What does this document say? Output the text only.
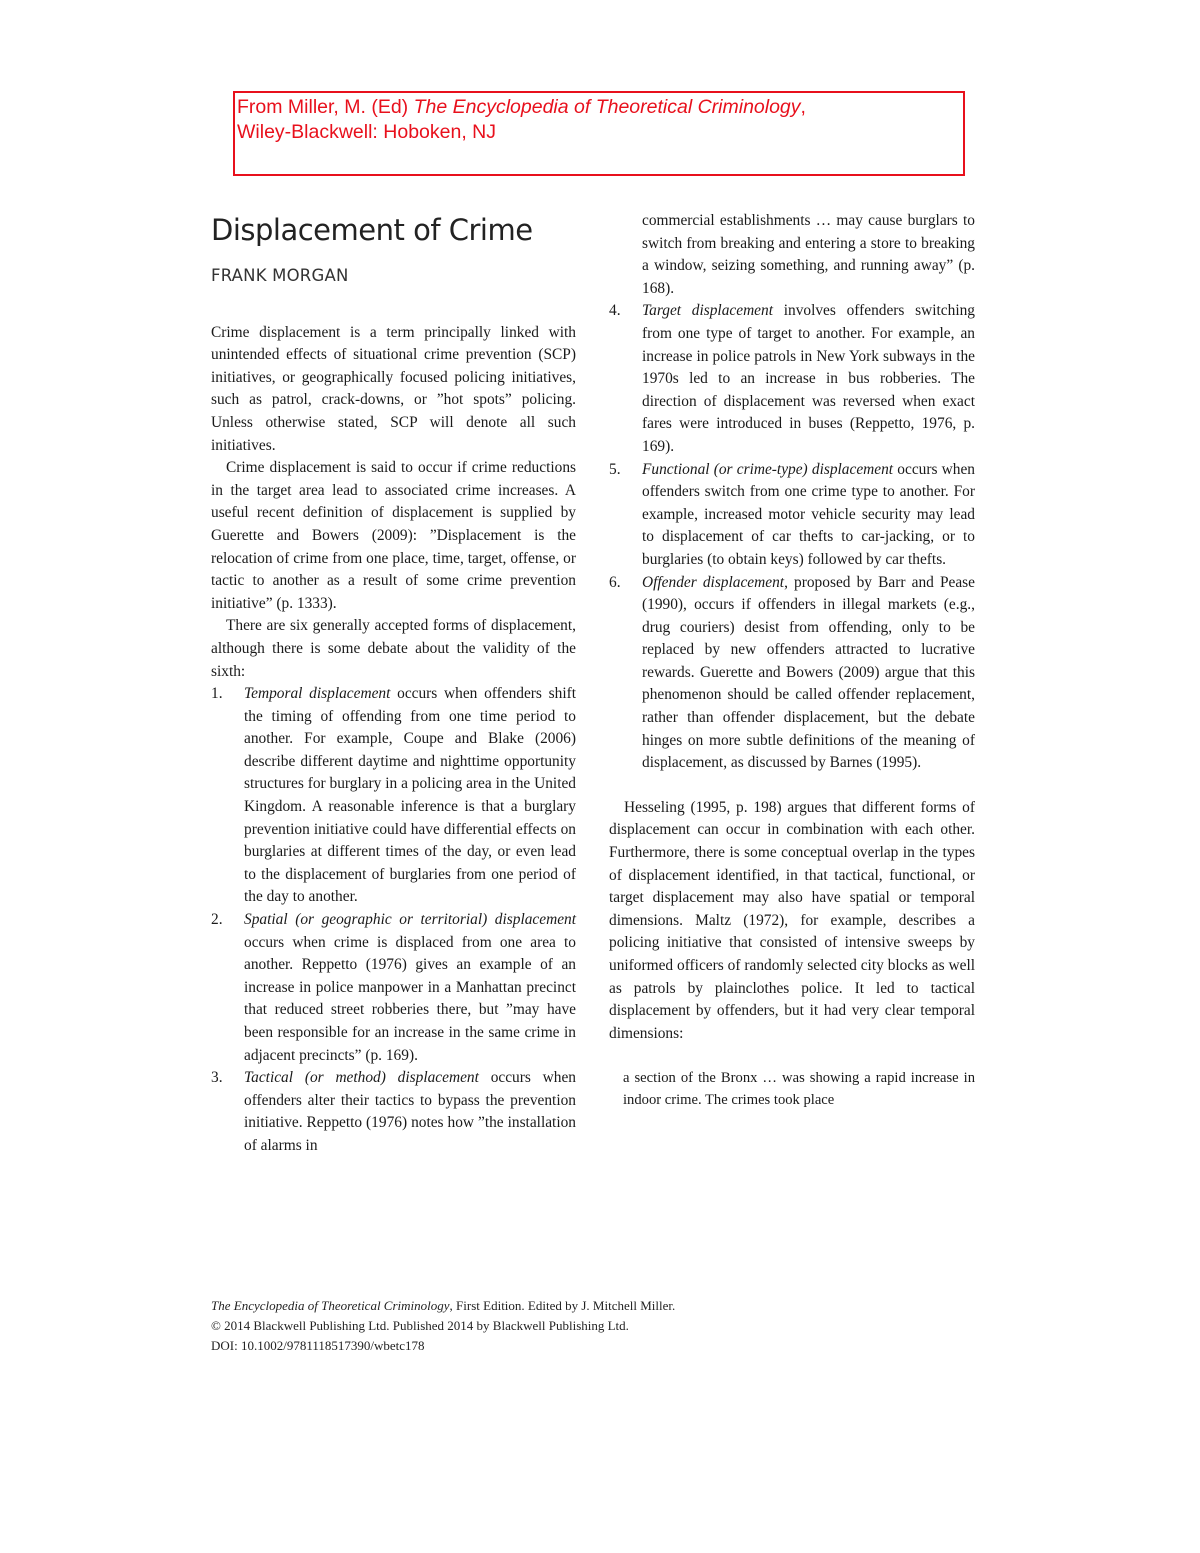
From Miller, M. (Ed) The Encyclopedia of Theoretical Criminology,
Wiley-Blackwell: Hoboken, NJ
Displacement of Crime
FRANK MORGAN

Crime displacement is a term principally linked with unintended effects of situational crime prevention (SCP) initiatives, or geographically focused policing initiatives, such as patrol, crack-downs, or ”hot spots” policing. Unless otherwise stated, SCP will denote all such initiatives.

Crime displacement is said to occur if crime reductions in the target area lead to associated crime increases. A useful recent definition of displacement is supplied by Guerette and Bowers (2009): ”Displacement is the relocation of crime from one place, time, target, offense, or tactic to another as a result of some crime prevention initiative” (p. 1333).

There are six generally accepted forms of displacement, although there is some debate about the validity of the sixth:

1. Temporal displacement occurs when offenders shift the timing of offending from one time period to another. For example, Coupe and Blake (2006) describe different daytime and nighttime opportunity structures for burglary in a policing area in the United Kingdom. A reasonable inference is that a burglary prevention initiative could have differential effects on burglaries at different times of the day, or even lead to the displacement of burglaries from one period of the day to another.
2. Spatial (or geographic or territorial) displacement occurs when crime is displaced from one area to another. Reppetto (1976) gives an example of an increase in police manpower in a Manhattan precinct that reduced street robberies there, but ”may have been responsible for an increase in the same crime in adjacent precincts” (p. 169).
3. Tactical (or method) displacement occurs when offenders alter their tactics to bypass the prevention initiative. Reppetto (1976) notes how ”the installation of alarms in
commercial establishments … may cause burglars to switch from breaking and entering a store to breaking a window, seizing something, and running away” (p. 168).
4. Target displacement involves offenders switching from one type of target to another. For example, an increase in police patrols in New York subways in the 1970s led to an increase in bus robberies. The direction of displacement was reversed when exact fares were introduced in buses (Reppetto, 1976, p. 169).
5. Functional (or crime-type) displacement occurs when offenders switch from one crime type to another. For example, increased motor vehicle security may lead to displacement of car thefts to car-jacking, or to burglaries (to obtain keys) followed by car thefts.
6. Offender displacement, proposed by Barr and Pease (1990), occurs if offenders in illegal markets (e.g., drug couriers) desist from offending, only to be replaced by new offenders attracted to lucrative rewards. Guerette and Bowers (2009) argue that this phenomenon should be called offender replacement, rather than offender displacement, but the debate hinges on more subtle definitions of the meaning of displacement, as discussed by Barnes (1995).

Hesseling (1995, p. 198) argues that different forms of displacement can occur in combination with each other. Furthermore, there is some conceptual overlap in the types of displacement identified, in that tactical, functional, or target displacement may also have spatial or temporal dimensions. Maltz (1972), for example, describes a policing initiative that consisted of intensive sweeps by uniformed officers of randomly selected city blocks as well as patrols by plainclothes police. It led to tactical displacement by offenders, but it had very clear temporal dimensions:

a section of the Bronx … was showing a rapid increase in indoor crime. The crimes took place
The Encyclopedia of Theoretical Criminology, First Edition. Edited by J. Mitchell Miller.
© 2014 Blackwell Publishing Ltd. Published 2014 by Blackwell Publishing Ltd.
DOI: 10.1002/9781118517390/wbetc178
